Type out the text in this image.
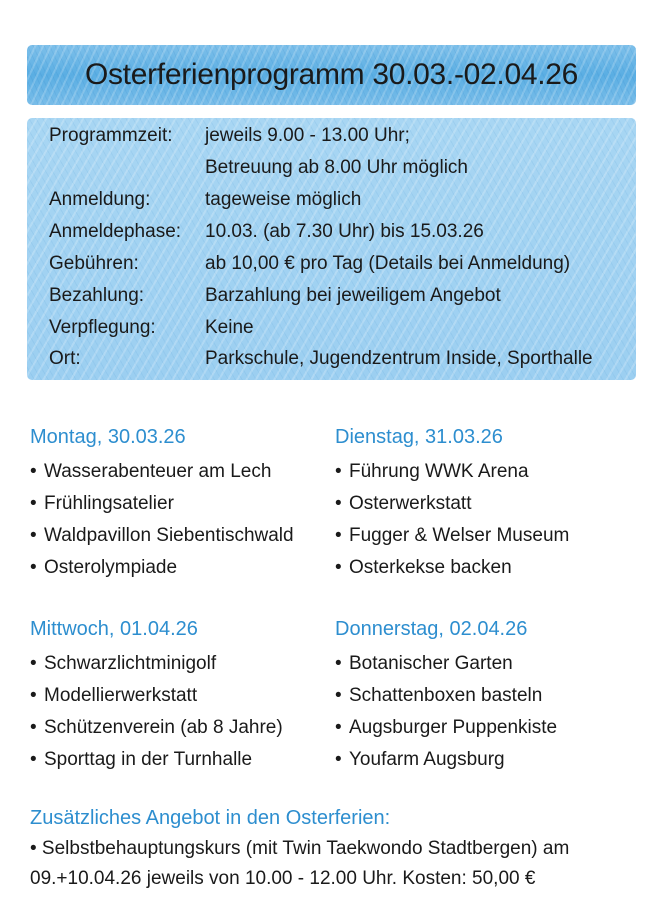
Osterferienprogramm 30.03.-02.04.26
Programmzeit:	jeweils 9.00 - 13.00 Uhr;
Betreuung ab 8.00 Uhr möglich
Anmeldung:	tageweise möglich
Anmeldephase:	10.03. (ab 7.30 Uhr) bis 15.03.26
Gebühren:	ab 10,00 € pro Tag (Details bei Anmeldung)
Bezahlung:	Barzahlung bei jeweiligem Angebot
Verpflegung:	Keine
Ort:	Parkschule, Jugendzentrum Inside, Sporthalle
Montag, 30.03.26
• Wasserabenteuer am Lech
• Frühlingsatelier
• Waldpavillon Siebentischwald
• Osterolympiade
Dienstag, 31.03.26
• Führung WWK Arena
• Osterwerkstatt
• Fugger & Welser Museum
• Osterkekse backen
Mittwoch, 01.04.26
• Schwarzlichtminigolf
• Modellierwerkstatt
• Schützenverein (ab 8 Jahre)
• Sporttag in der Turnhalle
Donnerstag, 02.04.26
• Botanischer Garten
• Schattenboxen basteln
• Augsburger Puppenkiste
• Youfarm Augsburg
Zusätzliches Angebot in den Osterferien:
• Selbstbehauptungskurs (mit Twin Taekwondo Stadtbergen) am
09.+10.04.26 jeweils von 10.00 - 12.00 Uhr. Kosten: 50,00 €
